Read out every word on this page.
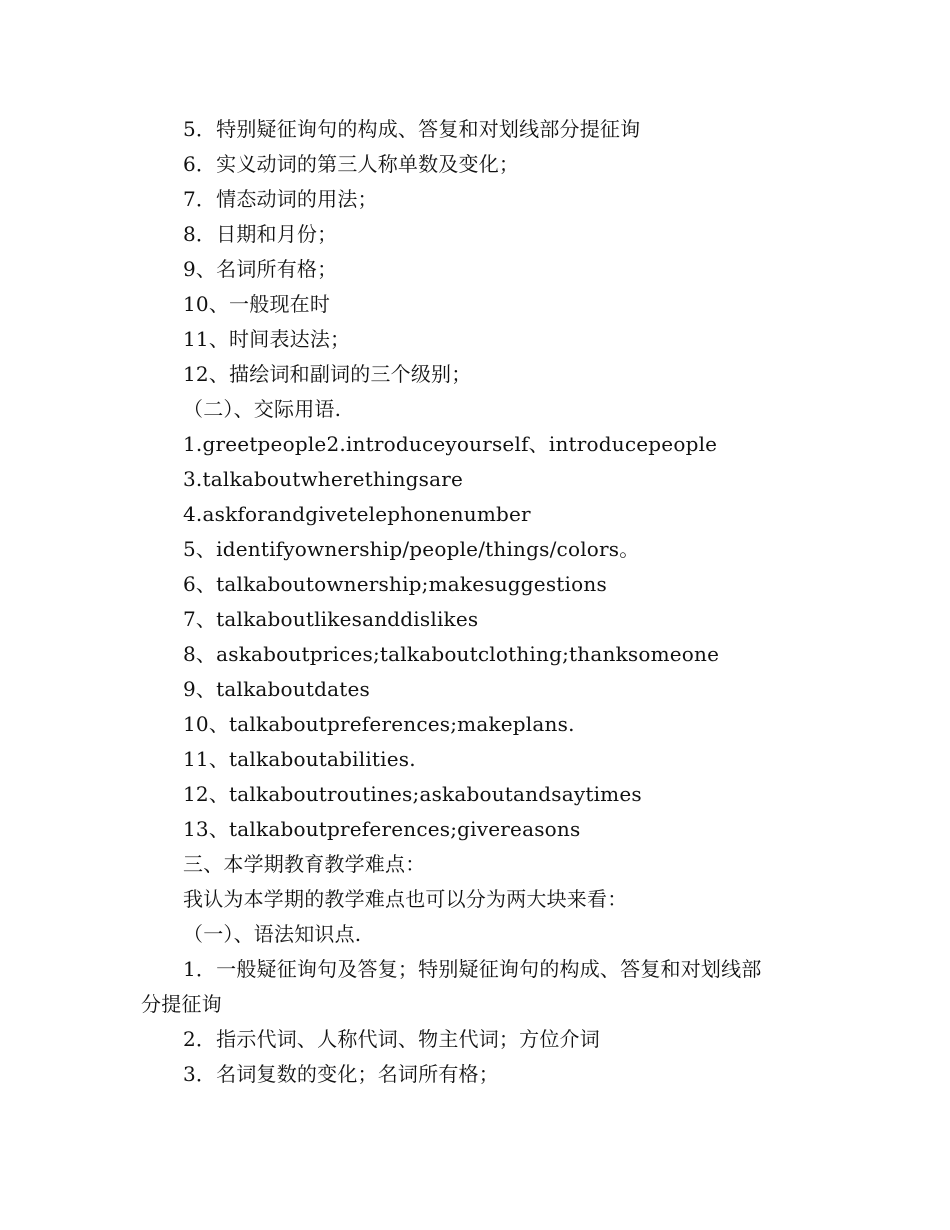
5．特别疑征询句的构成、答复和对划线部分提征询
6．实义动词的第三人称单数及变化；
7．情态动词的用法；
8．日期和月份；
9、名词所有格；
10、一般现在时
11、时间表达法；
12、描绘词和副词的三个级别；
（二）、交际用语.
1.greetpeople2.introduceyourself、introducepeople
3.talkaboutwherethingsare
4.askforandgivetelephonenumber
5、identifyownership/people/things/colors。
6、talkaboutownership;makesuggestions
7、talkaboutlikesanddislikes
8、askaboutprices;talkaboutclothing;thanksomeone
9、talkaboutdates
10、talkaboutpreferences;makeplans.
11、talkaboutabilities.
12、talkaboutroutines;askaboutandsaytimes
13、talkaboutpreferences;givereasons
三、本学期教育教学难点：
我认为本学期的教学难点也可以分为两大块来看：
（一）、语法知识点.
1．一般疑征询句及答复；特别疑征询句的构成、答复和对划线部
分提征询
2．指示代词、人称代词、物主代词；方位介词
3．名词复数的变化；名词所有格；
